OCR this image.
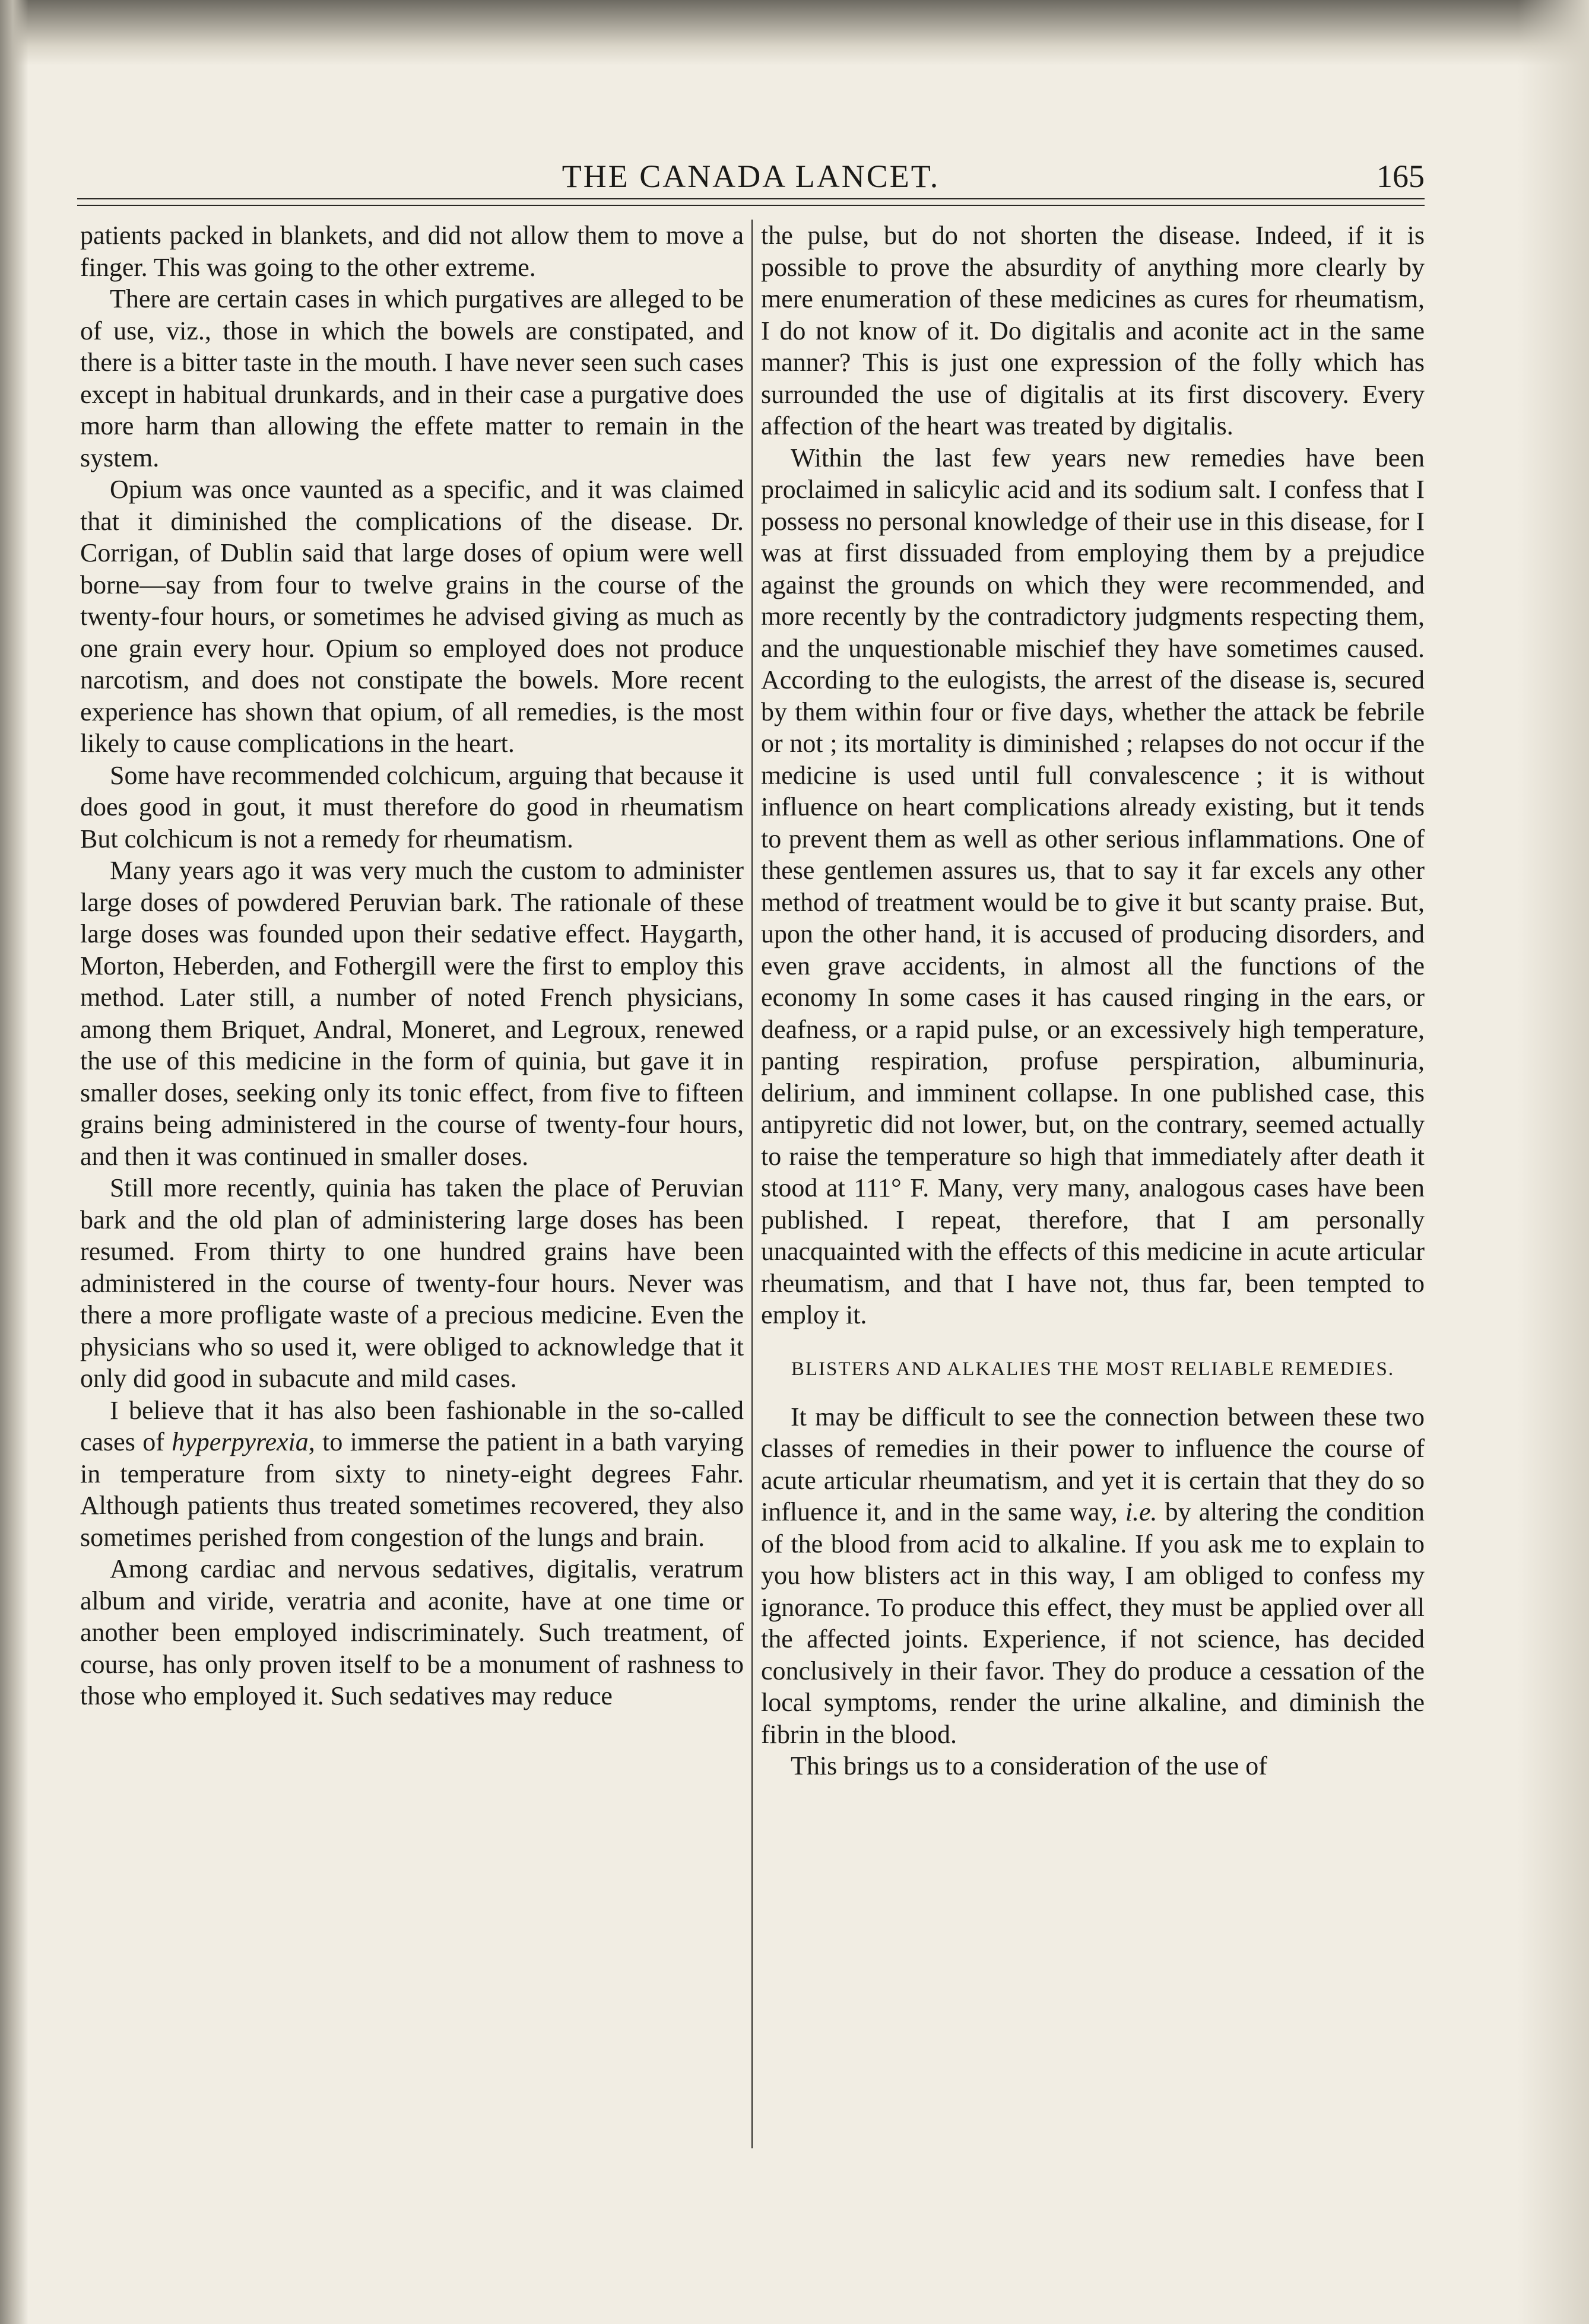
THE CANADA LANCET.	165

patients packed in blankets, and did not allow them to move a finger. This was going to the other extreme.

There are certain cases in which purgatives are alleged to be of use, viz., those in which the bowels are constipated, and there is a bitter taste in the mouth. I have never seen such cases except in habitual drunkards, and in their case a purgative does more harm than allowing the effete matter to remain in the system.

Opium was once vaunted as a specific, and it was claimed that it diminished the complications of the disease. Dr. Corrigan, of Dublin said that large doses of opium were well borne—say from four to twelve grains in the course of the twenty-four hours, or sometimes he advised giving as much as one grain every hour. Opium so employed does not produce narcotism, and does not constipate the bowels. More recent experience has shown that opium, of all remedies, is the most likely to cause complications in the heart.

Some have recommended colchicum, arguing that because it does good in gout, it must therefore do good in rheumatism But colchicum is not a remedy for rheumatism.

Many years ago it was very much the custom to administer large doses of powdered Peruvian bark. The rationale of these large doses was founded upon their sedative effect. Haygarth, Morton, Heberden, and Fothergill were the first to employ this method. Later still, a number of noted French physicians, among them Briquet, Andral, Moneret, and Legroux, renewed the use of this medicine in the form of quinia, but gave it in smaller doses, seeking only its tonic effect, from five to fifteen grains being administered in the course of twenty-four hours, and then it was continued in smaller doses.

Still more recently, quinia has taken the place of Peruvian bark and the old plan of administering large doses has been resumed. From thirty to one hundred grains have been administered in the course of twenty-four hours. Never was there a more profligate waste of a precious medicine. Even the physicians who so used it, were obliged to acknowledge that it only did good in subacute and mild cases.

I believe that it has also been fashionable in the so-called cases of hyperpyrexia, to immerse the patient in a bath varying in temperature from sixty to ninety-eight degrees Fahr. Although patients thus treated sometimes recovered, they also sometimes perished from congestion of the lungs and brain.

Among cardiac and nervous sedatives, digitalis, veratrum album and viride, veratria and aconite, have at one time or another been employed indiscriminately. Such treatment, of course, has only proven itself to be a monument of rashness to those who employed it. Such sedatives may reduce

the pulse, but do not shorten the disease. Indeed, if it is possible to prove the absurdity of anything more clearly by mere enumeration of these medicines as cures for rheumatism, I do not know of it. Do digitalis and aconite act in the same manner? This is just one expression of the folly which has surrounded the use of digitalis at its first discovery. Every affection of the heart was treated by digitalis.

Within the last few years new remedies have been proclaimed in salicylic acid and its sodium salt. I confess that I possess no personal knowledge of their use in this disease, for I was at first dissuaded from employing them by a prejudice against the grounds on which they were recommended, and more recently by the contradictory judgments respecting them, and the unquestionable mischief they have sometimes caused. According to the eulogists, the arrest of the disease is, secured by them within four or five days, whether the attack be febrile or not ; its mortality is diminished ; relapses do not occur if the medicine is used until full convalescence ; it is without influence on heart complications already existing, but it tends to prevent them as well as other serious inflammations. One of these gentlemen assures us, that to say it far excels any other method of treatment would be to give it but scanty praise. But, upon the other hand, it is accused of producing disorders, and even grave accidents, in almost all the functions of the economy In some cases it has caused ringing in the ears, or deafness, or a rapid pulse, or an excessively high temperature, panting respiration, profuse perspiration, albuminuria, delirium, and imminent collapse. In one published case, this antipyretic did not lower, but, on the contrary, seemed actually to raise the temperature so high that immediately after death it stood at 111° F. Many, very many, analogous cases have been published. I repeat, therefore, that I am personally unacquainted with the effects of this medicine in acute articular rheumatism, and that I have not, thus far, been tempted to employ it.

BLISTERS AND ALKALIES THE MOST RELIABLE REMEDIES.

It may be difficult to see the connection between these two classes of remedies in their power to influence the course of acute articular rheumatism, and yet it is certain that they do so influence it, and in the same way, i.e. by altering the condition of the blood from acid to alkaline. If you ask me to explain to you how blisters act in this way, I am obliged to confess my ignorance. To produce this effect, they must be applied over all the affected joints. Experience, if not science, has decided conclusively in their favor. They do produce a cessation of the local symptoms, render the urine alkaline, and diminish the fibrin in the blood.

This brings us to a consideration of the use of
